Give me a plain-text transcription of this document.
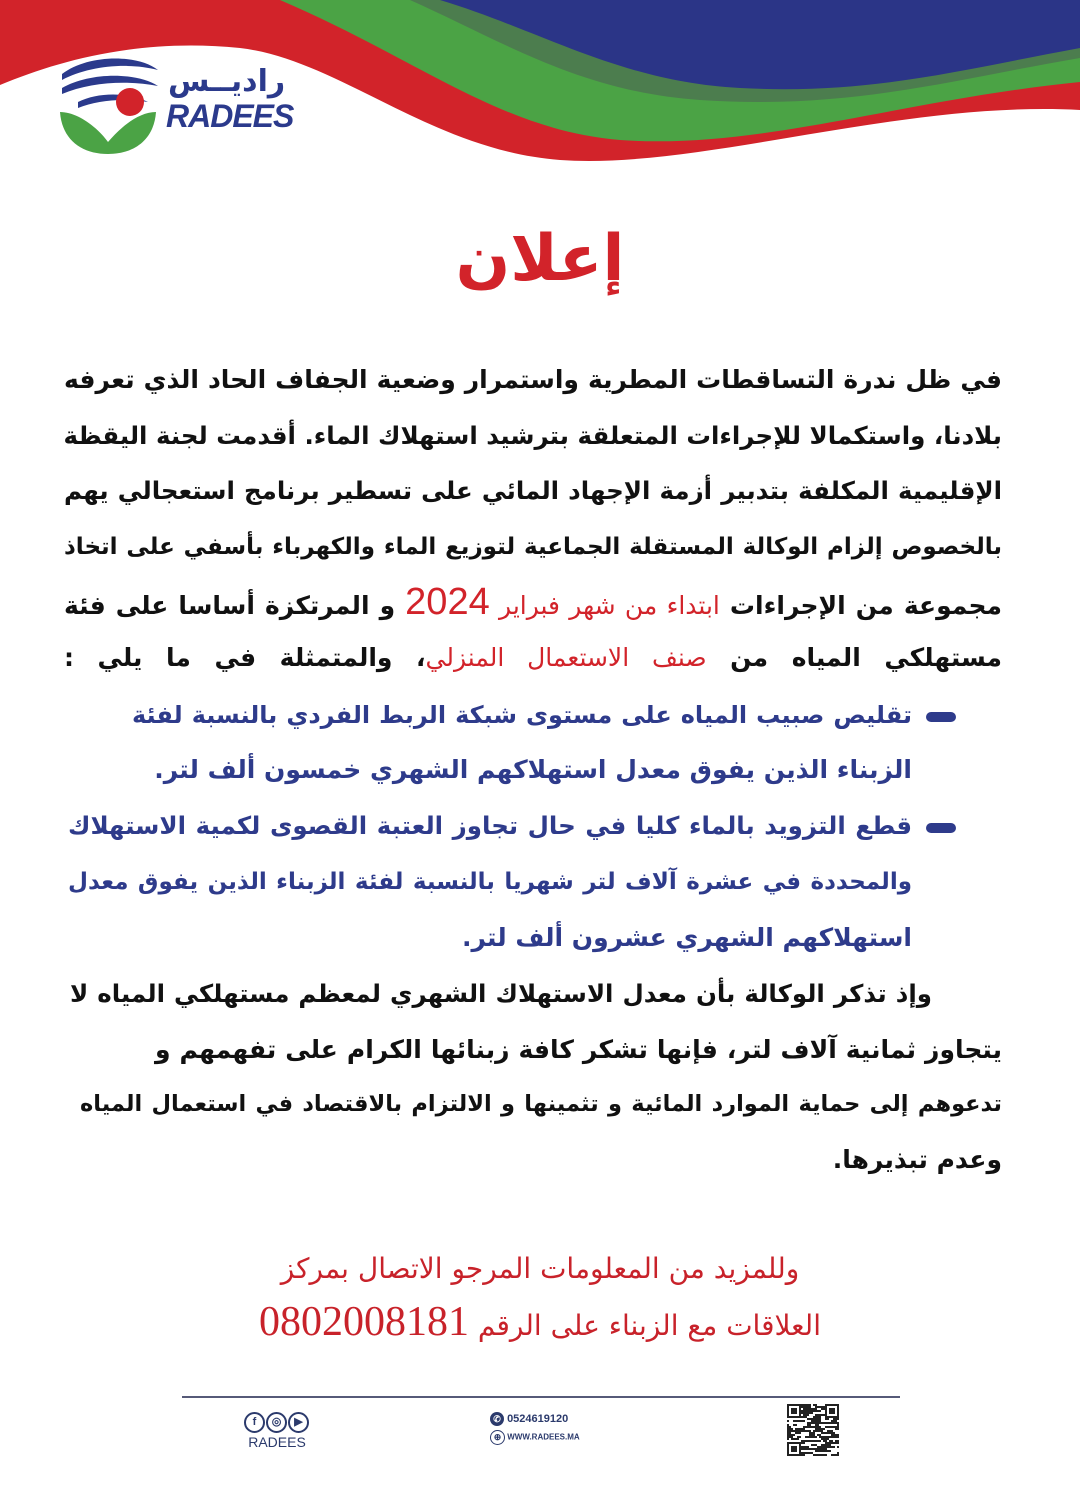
راديــس
RADEES
إعلان
في ظل ندرة التساقطات المطرية واستمرار وضعية الجفاف الحاد الذي تعرفه
بلادنا، واستكمالا للإجراءات المتعلقة بترشيد استهلاك الماء. أقدمت لجنة اليقظة
الإقليمية المكلفة بتدبير أزمة الإجهاد المائي على تسطير برنامج استعجالي يهم
بالخصوص إلزام الوكالة المستقلة الجماعية لتوزيع الماء والكهرباء بأسفي على اتخاذ
مجموعة من الإجراءات ابتداء من شهر فبراير 2024 و المرتكزة أساسا على فئة
مستهلكي المياه من صنف الاستعمال المنزلي، والمتمثلة في ما يلي :
تقليص صبيب المياه على مستوى شبكة الربط الفردي بالنسبة لفئة
الزبناء الذين يفوق معدل استهلاكهم الشهري خمسون ألف لتر.
قطع التزويد بالماء كليا في حال تجاوز العتبة القصوى لكمية الاستهلاك
والمحددة في عشرة آلاف لتر شهريا بالنسبة لفئة الزبناء الذين يفوق معدل
استهلاكهم الشهري عشرون ألف لتر.
وإذ تذكر الوكالة بأن معدل الاستهلاك الشهري لمعظم مستهلكي المياه لا
يتجاوز ثمانية آلاف لتر، فإنها تشكر كافة زبنائها الكرام على تفهمهم و
تدعوهم إلى حماية الموارد المائية و تثمينها و الالتزام بالاقتصاد في استعمال المياه
وعدم تبذيرها.
وللمزيد من المعلومات المرجو الاتصال بمركز
العلاقات مع الزبناء على الرقم 0802008181
f ◎ ▶
RADEES
✆ 0524619120
⊕ WWW.RADEES.MA
